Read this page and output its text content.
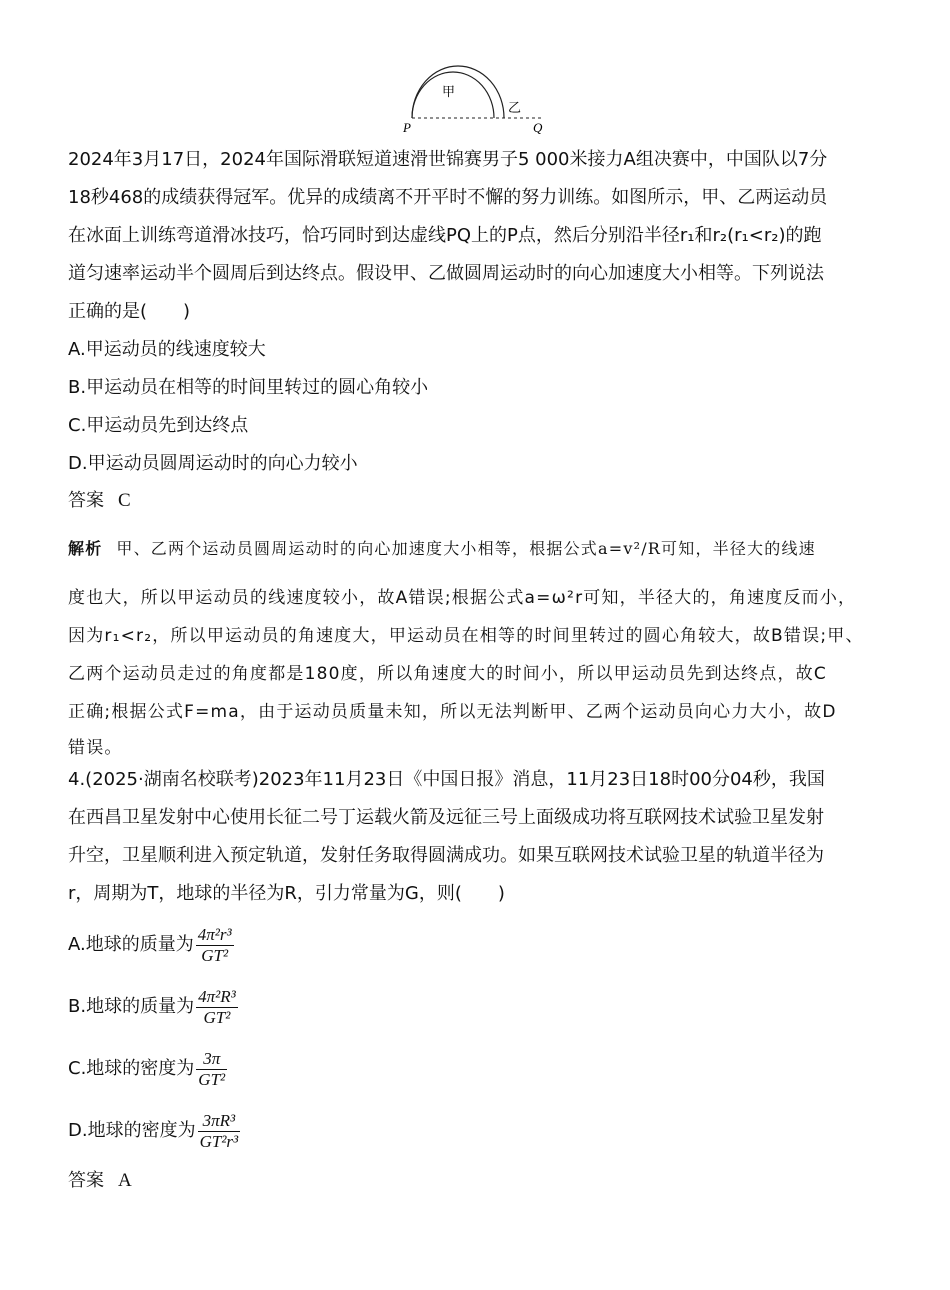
甲
乙
P	Q
2024年3月17日，2024年国际滑联短道速滑世锦赛男子5 000米接力A组决赛中，中国队以7分
18秒468的成绩获得冠军。优异的成绩离不开平时不懈的努力训练。如图所示，甲、乙两运动员
在冰面上训练弯道滑冰技巧，恰巧同时到达虚线PQ上的P点，然后分别沿半径r₁和r₂(r₁<r₂)的跑
道匀速率运动半个圆周后到达终点。假设甲、乙做圆周运动时的向心加速度大小相等。下列说法
正确的是(　　)
A.甲运动员的线速度较大
B.甲运动员在相等的时间里转过的圆心角较小
C.甲运动员先到达终点
D.甲运动员圆周运动时的向心力较小
答案 C
解析 甲、乙两个运动员圆周运动时的向心加速度大小相等，根据公式a=v²/R可知，半径大的线速
度也大，所以甲运动员的线速度较小，故A错误;根据公式a=ω²r可知，半径大的，角速度反而小，
因为r₁<r₂，所以甲运动员的角速度大，甲运动员在相等的时间里转过的圆心角较大，故B错误;甲、
乙两个运动员走过的角度都是180度，所以角速度大的时间小，所以甲运动员先到达终点，故C
正确;根据公式F=ma，由于运动员质量未知，所以无法判断甲、乙两个运动员向心力大小，故D
错误。
4.(2025·湖南名校联考)2023年11月23日《中国日报》消息，11月23日18时00分04秒，我国
在西昌卫星发射中心使用长征二号丁运载火箭及远征三号上面级成功将互联网技术试验卫星发射
升空，卫星顺利进入预定轨道，发射任务取得圆满成功。如果互联网技术试验卫星的轨道半径为
r，周期为T，地球的半径为R，引力常量为G，则(　　)
A.地球的质量为 $\frac{\text{4π²r³}}{\text{GT²}}$
B.地球的质量为 $\frac{\text{4π²R³}}{\text{GT²}}$
C.地球的密度为 $\frac{3\pi}{\text{GT²}}$
D.地球的密度为 $\frac{\text{3πR³}}{\text{GT²r³}}$
答案 A
